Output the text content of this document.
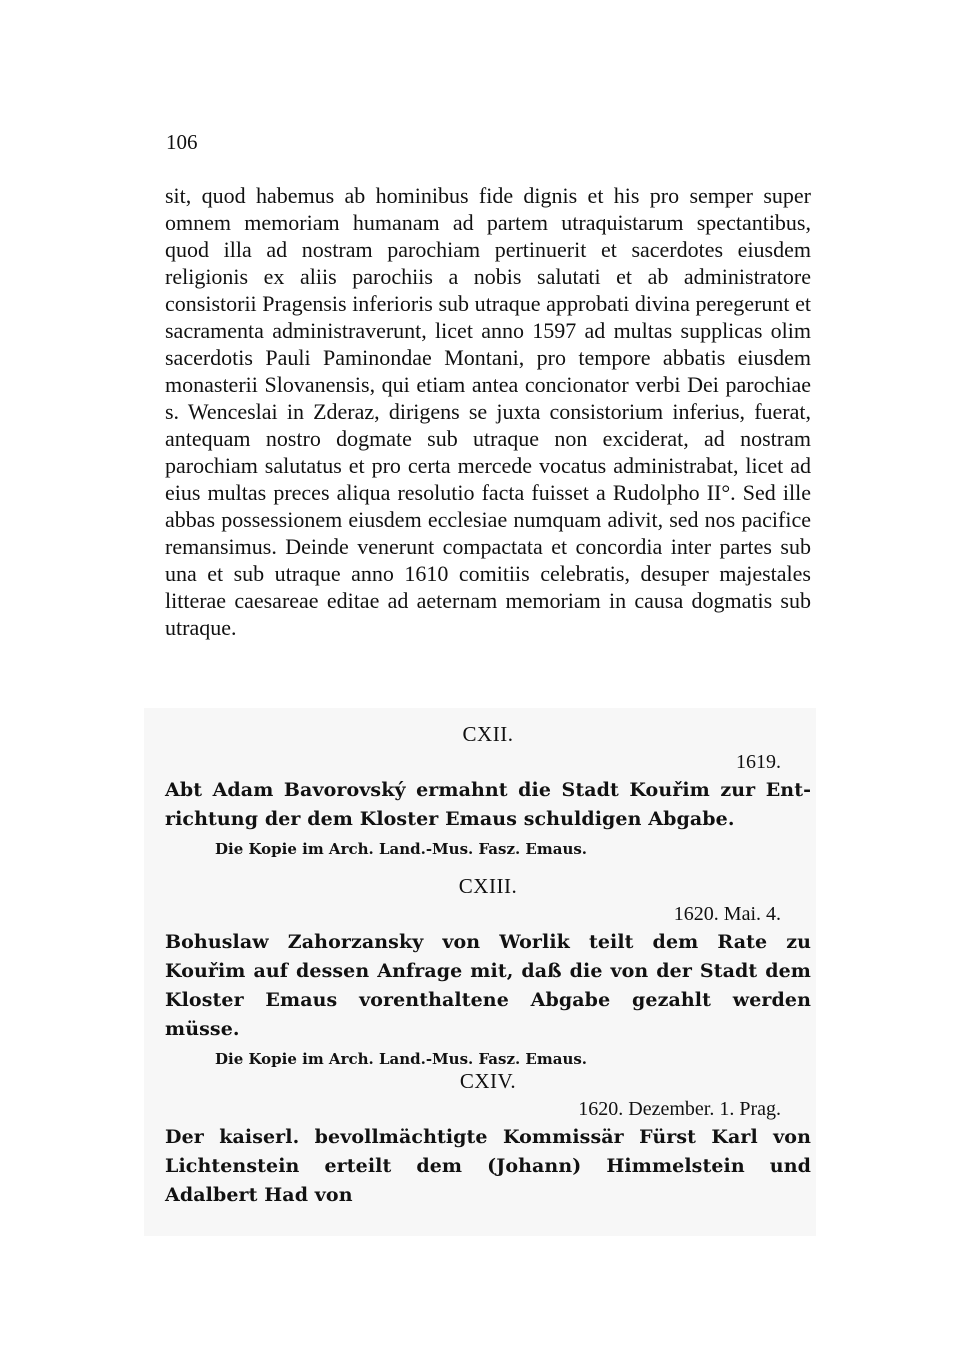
106

sit, quod habemus ab hominibus fide dignis et his pro semper super omnem memoriam humanam ad partem utraquistarum spectantibus, quod illa ad nostram parochiam pertinuerit et sacerdotes eiusdem religionis ex aliis parochiis a nobis salutati et ab administratore consistorii Pragensis inferioris sub utraque approbati divina peregerunt et sacramenta administraverunt, licet anno 1597 ad multas supplicas olim sacerdotis Pauli Paminondae Montani, pro tempore abbatis eiusdem monasterii Slovanensis, qui etiam antea concionator verbi Dei parochiae s. Wenceslai in Zderaz, dirigens se juxta consistorium inferius, fuerat, antequam nostro dogmate sub utraque non exciderat, ad nostram parochiam salutatus et pro certa mercede vocatus administrabat, licet ad eius multas preces aliqua resolutio facta fuisset a Rudolpho II°. Sed ille abbas possessionem eiusdem ecclesiae numquam adivit, sed nos pacifice remansimus. Deinde venerunt compactata et concordia inter partes sub una et sub utraque anno 1610 comitiis celebratis, desuper majestales litterae caesareae editae ad aeternam memoriam in causa dogmatis sub utraque.

CXII.
1619.

Abt Adam Bavorovský ermahnt die Stadt Kouřim zur Entrichtung der dem Kloster Emaus schuldigen Abgabe.

Die Kopie im Arch. Land.-Mus. Fasz. Emaus.

CXIII.
1620. Mai. 4.

Bohuslaw Zahorzansky von Worlik teilt dem Rate zu Kouřim auf dessen Anfrage mit, daß die von der Stadt dem Kloster Emaus vorenthaltene Abgabe gezahlt werden müsse.

Die Kopie im Arch. Land.-Mus. Fasz. Emaus.

CXIV.
1620. Dezember. 1. Prag.

Der kaiserl. bevollmächtigte Kommissär Fürst Karl von Lichtenstein erteilt dem (Johann) Himmelstein und Adalbert Had von
